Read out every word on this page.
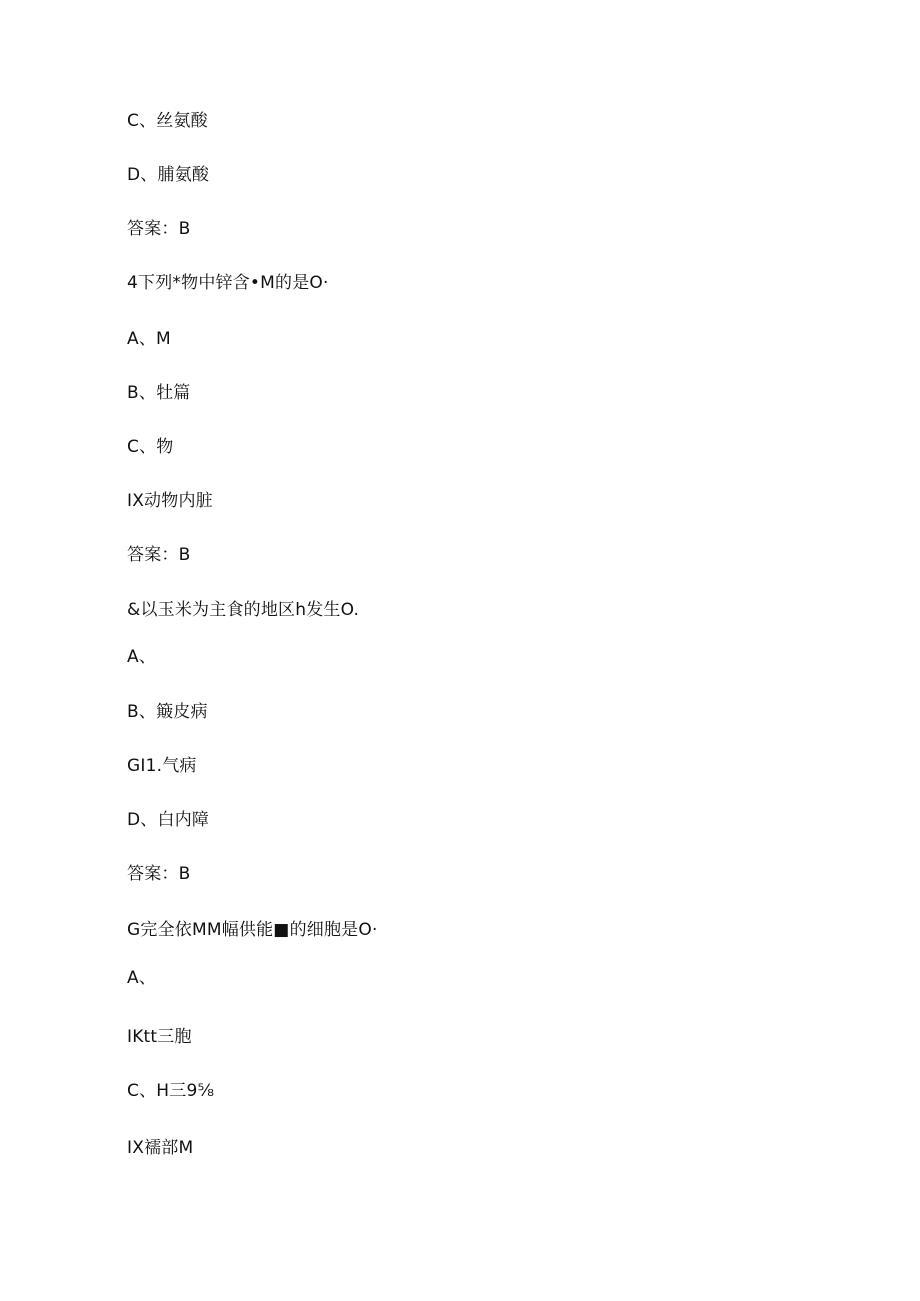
C、丝氨酸
D、脯氨酸
答案：B
4下列*物中锌含•M的是O·
A、M
B、牡篇
C、物
IX动物内脏
答案：B
&以玉米为主食的地区h发生O.
A、
B、簸皮病
GI1.气病
D、白内障
答案：B
G完全依MM幅供能■的细胞是O·
A、
IKtt三胞
C、H三9⅝
IX襦部M
